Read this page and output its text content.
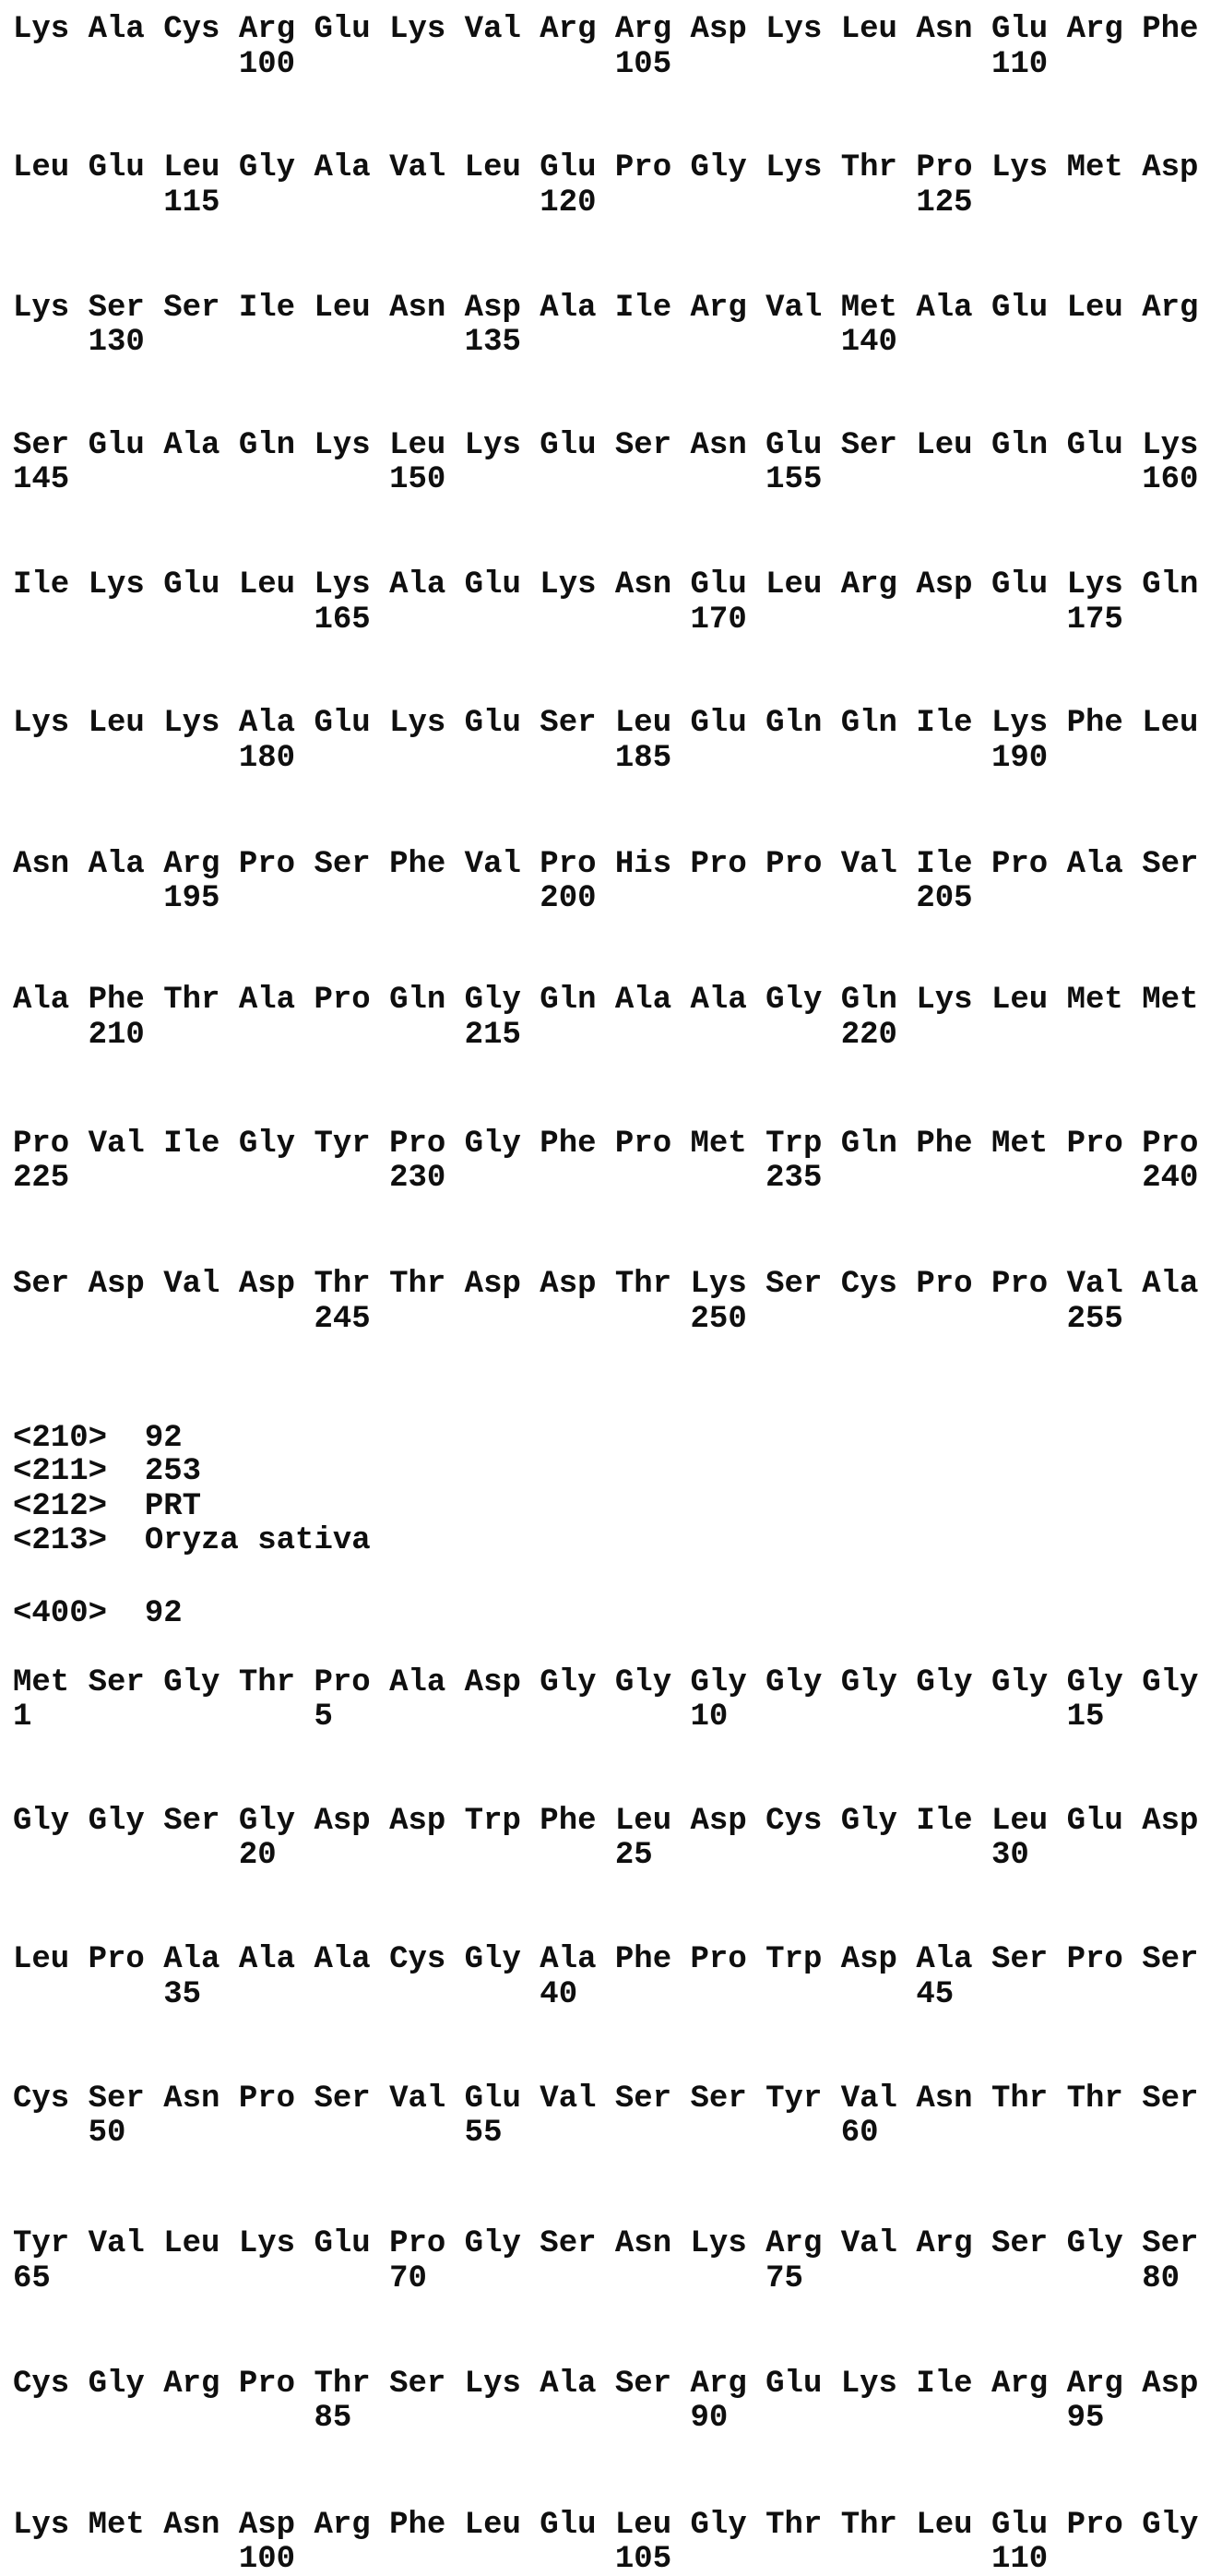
Lys Ala Cys Arg Glu Lys Val Arg Arg Asp Lys Leu Asn Glu Arg Phe
100                 105                 110
Leu Glu Leu Gly Ala Val Leu Glu Pro Gly Lys Thr Pro Lys Met Asp
115                 120                 125
Lys Ser Ser Ile Leu Asn Asp Ala Ile Arg Val Met Ala Glu Leu Arg
130                 135                 140
Ser Glu Ala Gln Lys Leu Lys Glu Ser Asn Glu Ser Leu Gln Glu Lys
145                 150                 155                 160
Ile Lys Glu Leu Lys Ala Glu Lys Asn Glu Leu Arg Asp Glu Lys Gln
165                 170                 175
Lys Leu Lys Ala Glu Lys Glu Ser Leu Glu Gln Gln Ile Lys Phe Leu
180                 185                 190
Asn Ala Arg Pro Ser Phe Val Pro His Pro Pro Val Ile Pro Ala Ser
195                 200                 205
Ala Phe Thr Ala Pro Gln Gly Gln Ala Ala Gly Gln Lys Leu Met Met
210                 215                 220
Pro Val Ile Gly Tyr Pro Gly Phe Pro Met Trp Gln Phe Met Pro Pro
225                 230                 235                 240
Ser Asp Val Asp Thr Thr Asp Asp Thr Lys Ser Cys Pro Pro Val Ala
245                 250                 255
<210>  92
<211>  253
<212>  PRT
<213>  Oryza sativa
<400>  92
Met Ser Gly Thr Pro Ala Asp Gly Gly Gly Gly Gly Gly Gly Gly Gly
1               5                   10                  15
Gly Gly Ser Gly Asp Asp Trp Phe Leu Asp Cys Gly Ile Leu Glu Asp
20                  25                  30
Leu Pro Ala Ala Ala Cys Gly Ala Phe Pro Trp Asp Ala Ser Pro Ser
35                  40                  45
Cys Ser Asn Pro Ser Val Glu Val Ser Ser Tyr Val Asn Thr Thr Ser
50                  55                  60
Tyr Val Leu Lys Glu Pro Gly Ser Asn Lys Arg Val Arg Ser Gly Ser
65                  70                  75                  80
Cys Gly Arg Pro Thr Ser Lys Ala Ser Arg Glu Lys Ile Arg Arg Asp
85                  90                  95
Lys Met Asn Asp Arg Phe Leu Glu Leu Gly Thr Thr Leu Glu Pro Gly
100                 105                 110
